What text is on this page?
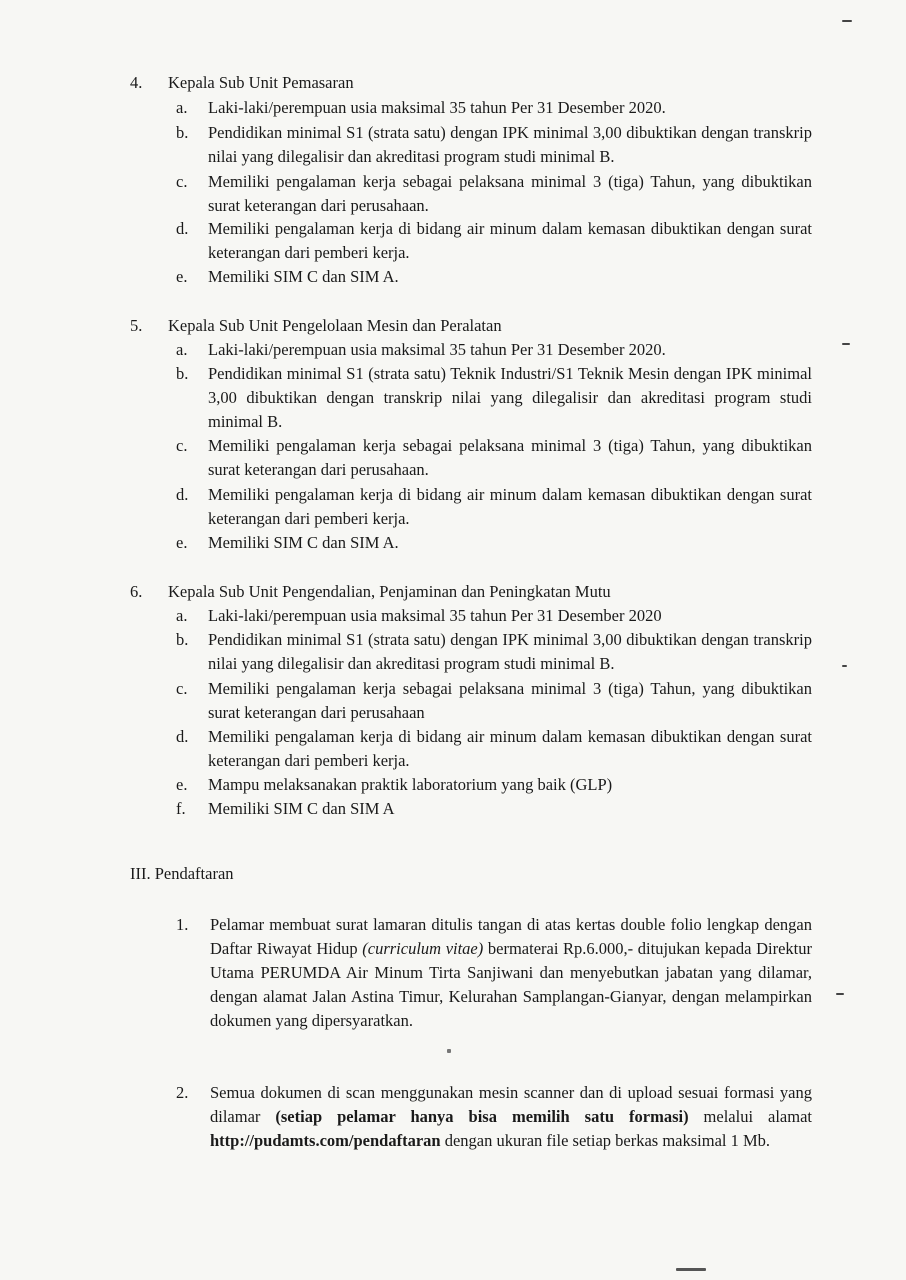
4. Kepala Sub Unit Pemasaran
a. Laki-laki/perempuan usia maksimal 35 tahun Per 31 Desember 2020.
b. Pendidikan minimal S1 (strata satu) dengan IPK minimal 3,00 dibuktikan dengan transkrip nilai yang dilegalisir dan akreditasi program studi minimal B.
c. Memiliki pengalaman kerja sebagai pelaksana minimal 3 (tiga) Tahun, yang dibuktikan surat keterangan dari perusahaan.
d. Memiliki pengalaman kerja di bidang air minum dalam kemasan dibuktikan dengan surat keterangan dari pemberi kerja.
e. Memiliki SIM C dan SIM A.
5. Kepala Sub Unit Pengelolaan Mesin dan Peralatan
a. Laki-laki/perempuan usia maksimal 35 tahun Per 31 Desember 2020.
b. Pendidikan minimal S1 (strata satu) Teknik Industri/S1 Teknik Mesin dengan IPK minimal 3,00 dibuktikan dengan transkrip nilai yang dilegalisir dan akreditasi program studi minimal B.
c. Memiliki pengalaman kerja sebagai pelaksana minimal 3 (tiga) Tahun, yang dibuktikan surat keterangan dari perusahaan.
d. Memiliki pengalaman kerja di bidang air minum dalam kemasan dibuktikan dengan surat keterangan dari pemberi kerja.
e. Memiliki SIM C dan SIM A.
6. Kepala Sub Unit Pengendalian, Penjaminan dan Peningkatan Mutu
a. Laki-laki/perempuan usia maksimal 35 tahun Per 31 Desember 2020
b. Pendidikan minimal S1 (strata satu) dengan IPK minimal 3,00 dibuktikan dengan transkrip nilai yang dilegalisir dan akreditasi program studi minimal B.
c. Memiliki pengalaman kerja sebagai pelaksana minimal 3 (tiga) Tahun, yang dibuktikan surat keterangan dari perusahaan
d. Memiliki pengalaman kerja di bidang air minum dalam kemasan dibuktikan dengan surat keterangan dari pemberi kerja.
e. Mampu melaksanakan praktik laboratorium yang baik (GLP)
f. Memiliki SIM C dan SIM A
III. Pendaftaran
1. Pelamar membuat surat lamaran ditulis tangan di atas kertas double folio lengkap dengan Daftar Riwayat Hidup (curriculum vitae) bermaterai Rp.6.000,- ditujukan kepada Direktur Utama PERUMDA Air Minum Tirta Sanjiwani dan menyebutkan jabatan yang dilamar, dengan alamat Jalan Astina Timur, Kelurahan Samplangan-Gianyar, dengan melampirkan dokumen yang dipersyaratkan.
2. Semua dokumen di scan menggunakan mesin scanner dan di upload sesuai formasi yang dilamar (setiap pelamar hanya bisa memilih satu formasi) melalui alamat http://pudamts.com/pendaftaran dengan ukuran file setiap berkas maksimal 1 Mb.
